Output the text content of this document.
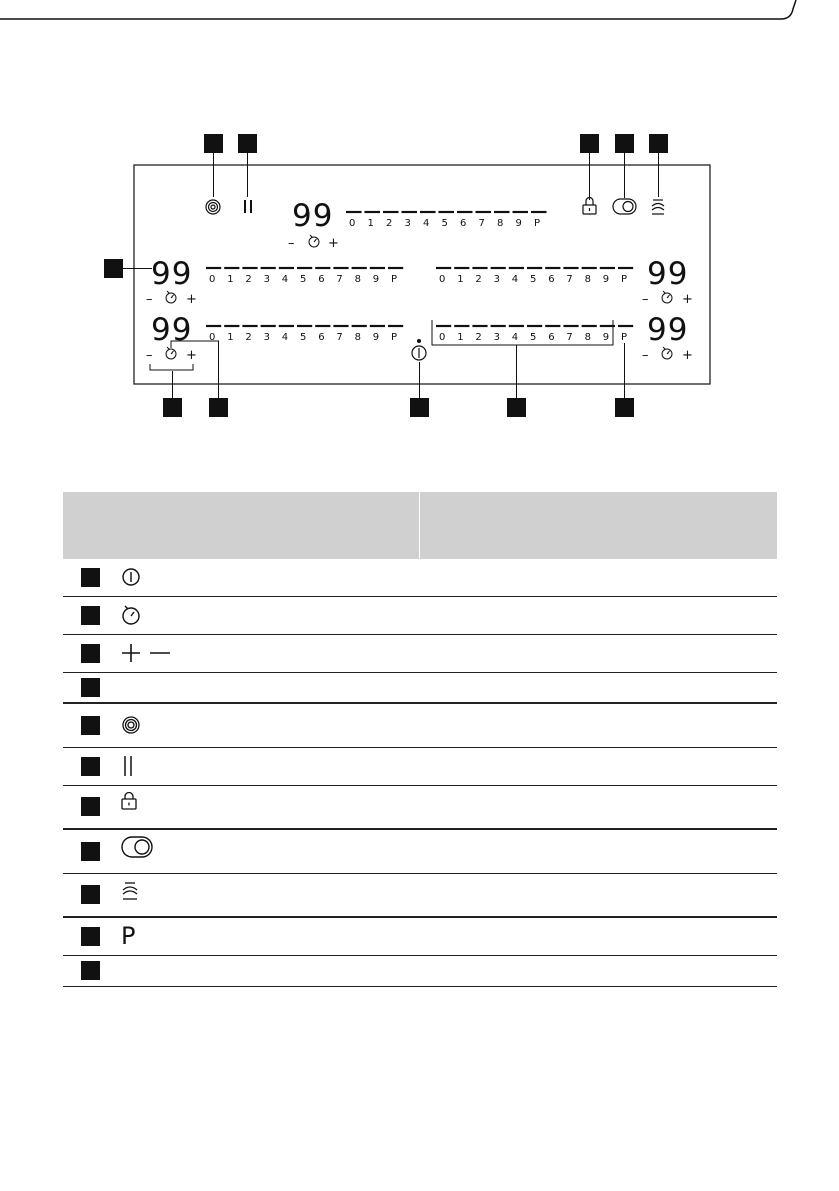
99
99
99
99
99
–	+
–	+
–	+
–	+
–	+
0 1 2 3 4 5 6 7 8 9 P
0 1 2 3 4 5 6 7 8 9 P
0 1 2 3 4 5 6 7 8 9 P
0 1 2 3 4 5 6 7 8 9 P
0 1 2 3 4 5 6 7 8 9 P

P	
